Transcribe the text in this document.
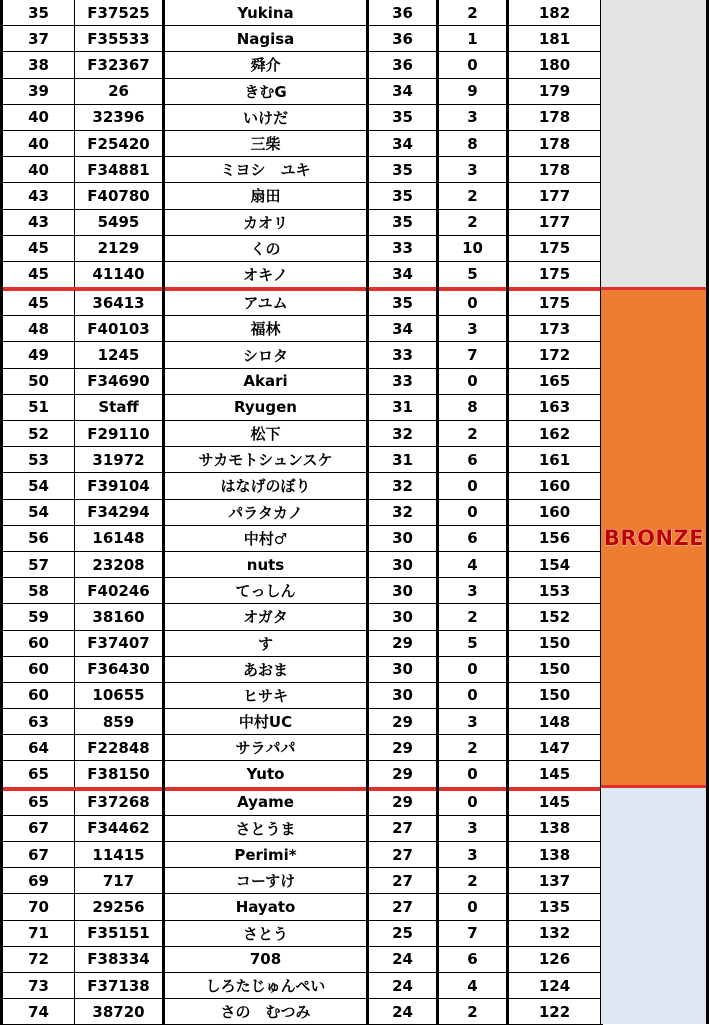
35	F37525	Yukina	36	2	182
37	F35533	Nagisa	36	1	181
38	F32367	舜介	36	0	180
39	26	きむG	34	9	179
40	32396	いけだ	35	3	178
40	F25420	三柴	34	8	178
40	F34881	ミヨシ　ユキ	35	3	178
43	F40780	扇田	35	2	177
43	5495	カオリ	35	2	177
45	2129	くの	33	10	175
45	41140	オキノ	34	5	175
45	36413	アユム	35	0	175
48	F40103	福林	34	3	173
49	1245	シロタ	33	7	172
50	F34690	Akari	33	0	165
51	Staff	Ryugen	31	8	163
52	F29110	松下	32	2	162
53	31972	サカモトシュンスケ	31	6	161
54	F39104	はなげのぼり	32	0	160
54	F34294	パラタカノ	32	0	160
56	16148	中村♂	30	6	156
57	23208	nuts	30	4	154
58	F40246	てっしん	30	3	153
59	38160	オガタ	30	2	152
60	F37407	す	29	5	150
60	F36430	あおま	30	0	150
60	10655	ヒサキ	30	0	150
63	859	中村UC	29	3	148
64	F22848	サラパパ	29	2	147
65	F38150	Yuto	29	0	145
65	F37268	Ayame	29	0	145
67	F34462	さとうま	27	3	138
67	11415	Perimi*	27	3	138
69	717	コーすけ	27	2	137
70	29256	Hayato	27	0	135
71	F35151	さとう	25	7	132
72	F38334	708	24	6	126
73	F37138	しろたじゅんぺい	24	4	124
74	38720	さの　むつみ	24	2	122
BRONZE
